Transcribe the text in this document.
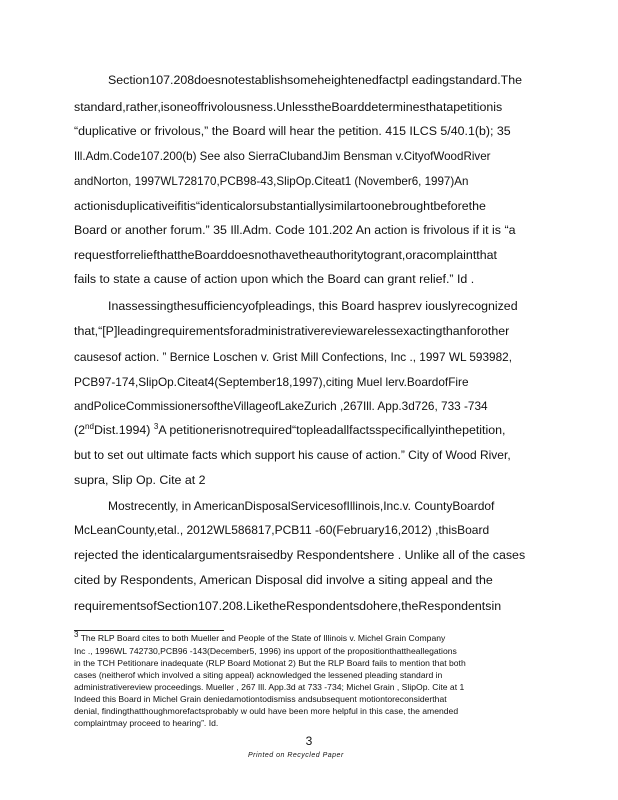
Section107.208doesnotestablishsomeheightenedfactpl eadingstandard.The
standard,rather,isoneoffrivolousness.UnlesstheBoarddeterminesthatapetitionis
“duplicative or frivolous,” the Board will hear the petition. 415 ILCS 5/40.1(b); 35
Ill.Adm.Code107.200(b) See also SierraClubandJim Bensman v.CityofWoodRiver
andNorton, 1997WL728170,PCB98-43,SlipOp.Citeat1 (November6, 1997)An
actionisduplicativeifitis“identicalorsubstantiallysimilartoonebroughtbeforethe
Board or another forum.” 35 Ill.Adm. Code 101.202 An action is frivolous if it is “a
requestforreliefthattheBoarddoesnothavetheauthoritytogrant,oracomplaintthat
fails to state a cause of action upon which the Board can grant relief.” Id .
Inassessingthesufficiencyofpleadings, this Board hasprev iouslyrecognized
that,“[P]leadingrequirementsforadministrativereviewarelessexactingthanforother
causesof action. ” Bernice Loschen v. Grist Mill Confections, Inc ., 1997 WL 593982,
PCB97-174,SlipOp.Citeat4(September18,1997),citing Muel lerv.BoardofFire
andPoliceCommissionersoftheVillageofLakeZurich ,267Ill. App.3d726, 733 -734
(2ndDist.1994) $^3$A petitionerisnotrequired“topleadallfactsspecificallyinthepetition,
but to set out ultimate facts which support his cause of action.” City of Wood River,
supra, Slip Op. Cite at 2
Mostrecently, in AmericanDisposalServicesofIllinois,Inc.v. CountyBoardof
McLeanCounty,etal., 2012WL586817,PCB11 -60(February16,2012) ,thisBoard
rejected the identicalargumentsraisedby Respondentshere . Unlike all of the cases
cited by Respondents, American Disposal did involve a siting appeal and the
requirementsofSection107.208.LiketheRespondentsdohere,theRespondentsin
$^3$ The RLP Board cites to both Mueller and People of the State of Illinois v. Michel Grain Company
Inc ., 1996WL 742730,PCB96 -143(December5, 1996) ins upport of the propositionthattheallegations
in the TCH Petitionare inadequate (RLP Board Motionat 2) But the RLP Board fails to mention that both
cases (neitherof which involved a siting appeal) acknowledged the lessened pleading standard in
administrativereview proceedings. Mueller , 267 Ill. App.3d at 733 -734; Michel Grain , SlipOp. Cite at 1
Indeed this Board in Michel Grain deniedamotiontodismiss andsubsequent motiontoreconsiderthat
denial, findingthatthoughmorefactsprobably w ould have been more helpful in this case, the amended
complaintmay proceed to hearing”. Id.
3
Printed on Recycled Paper
